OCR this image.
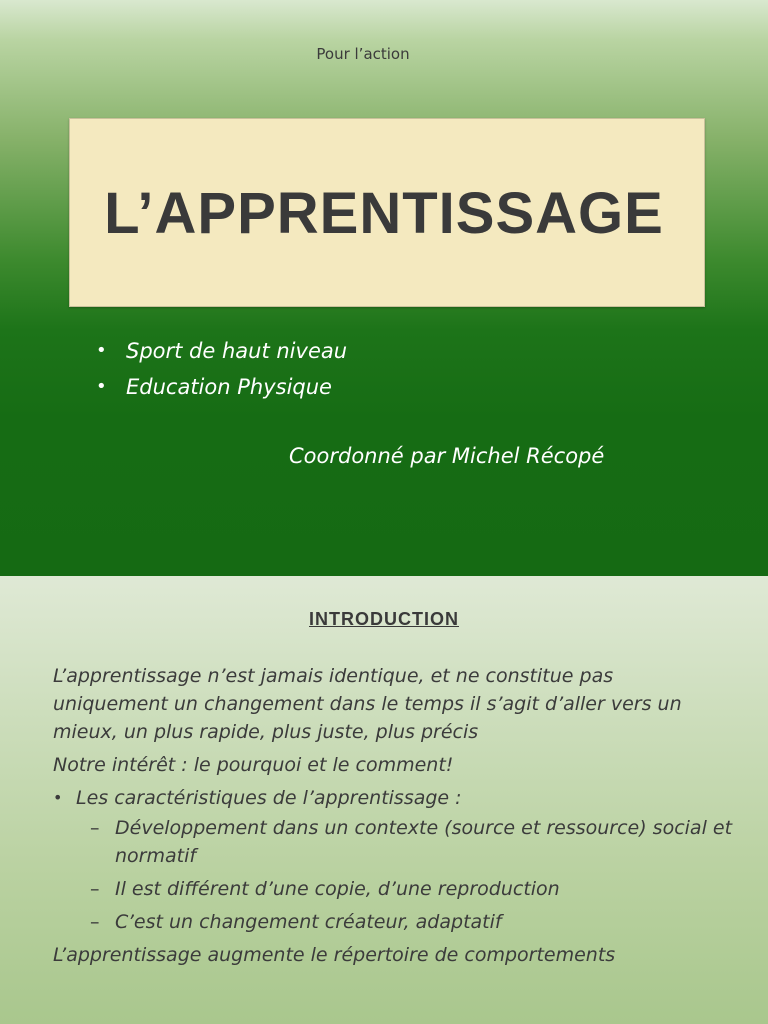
Pour l’action
L’APPRENTISSAGE
• Sport de haut niveau
• Education Physique
Coordonné par Michel Récopé
INTRODUCTION

L’apprentissage n’est jamais identique, et ne constitue pas uniquement un changement dans le temps il s’agit d’aller vers un mieux, un plus rapide, plus juste, plus précis

Notre intérêt : le pourquoi et le comment!

• Les caractéristiques de l’apprentissage :
– Développement dans un contexte (source et ressource) social et normatif
– Il est différent d’une copie, d’une reproduction
– C’est un changement créateur, adaptatif

L’apprentissage augmente le répertoire de comportements
